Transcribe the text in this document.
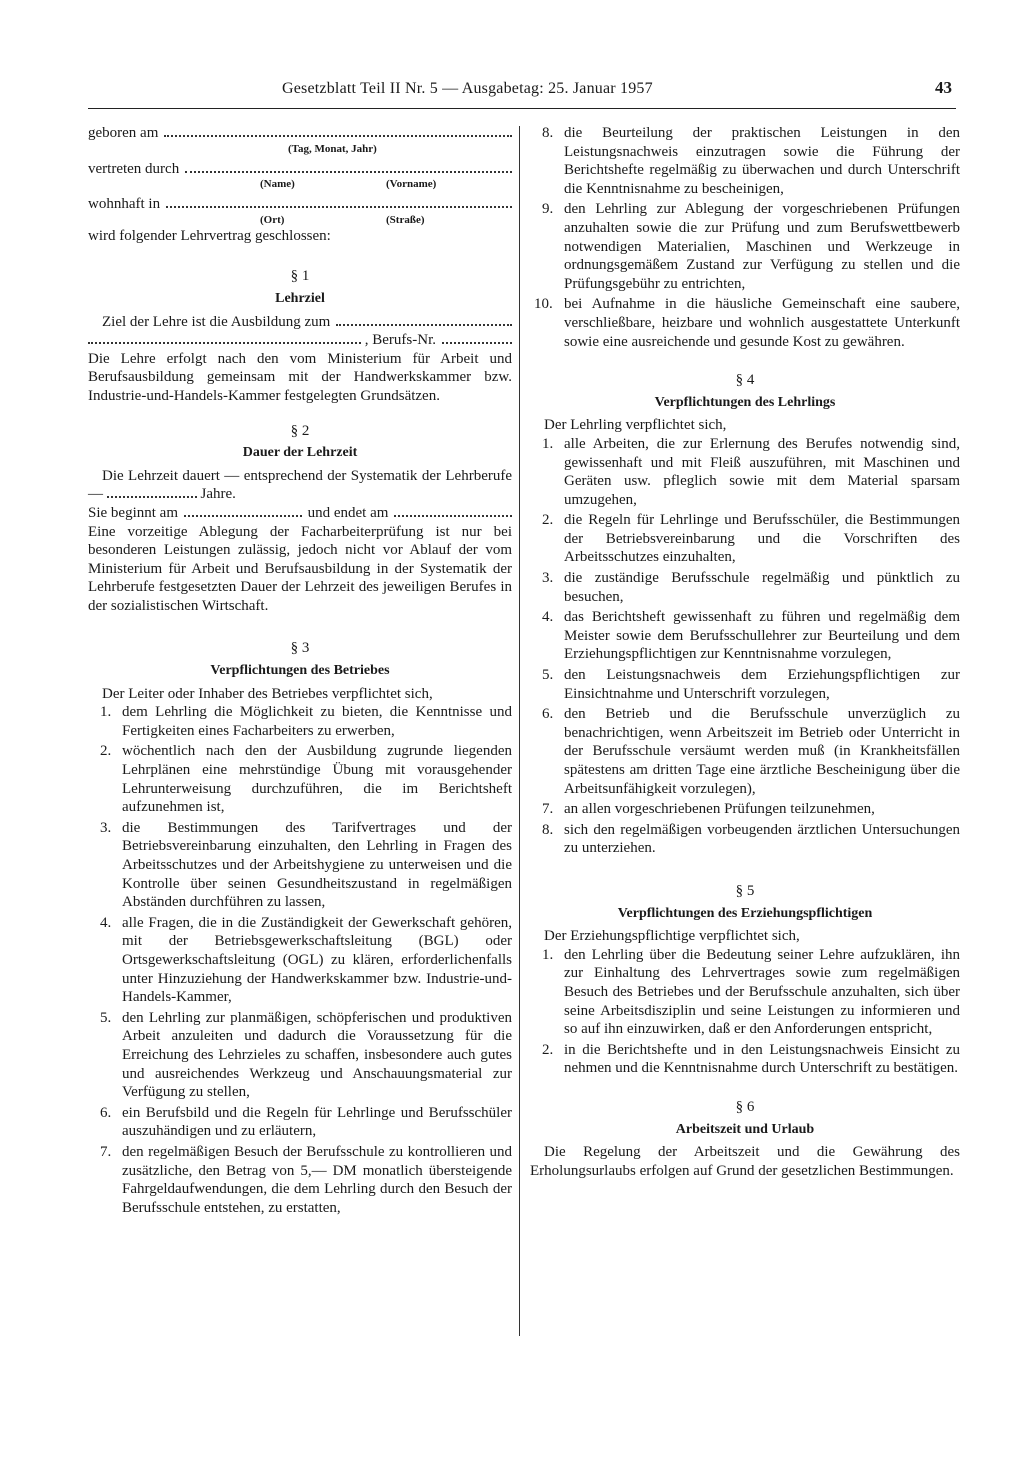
Gesetzblatt Teil II Nr. 5 — Ausgabetag: 25. Januar 1957	43
geboren am
(Tag, Monat, Jahr)
vertreten durch
(Name)	(Vorname)
wohnhaft in
(Ort)	(Straße)

wird folgender Lehrvertrag geschlossen:

§ 1
Lehrziel
Ziel der Lehre ist die Ausbildung zum
, Berufs-Nr.

Die Lehre erfolgt nach den vom Ministerium für Arbeit und Berufsausbildung gemeinsam mit der Handwerkskammer bzw. Industrie-und-Handels-Kammer festgelegten Grundsätzen.

§ 2
Dauer der Lehrzeit

Die Lehrzeit dauert — entsprechend der Systematik der Lehrberufe —	Jahre.

Sie beginnt am	und endet am

Eine vorzeitige Ablegung der Facharbeiterprüfung ist nur bei besonderen Leistungen zulässig, jedoch nicht vor Ablauf der vom Ministerium für Arbeit und Berufsausbildung in der Systematik der Lehrberufe festgesetzten Dauer der Lehrzeit des jeweiligen Berufes in der sozialistischen Wirtschaft.

§ 3
Verpflichtungen des Betriebes

Der Leiter oder Inhaber des Betriebes verpflichtet sich,

1. dem Lehrling die Möglichkeit zu bieten, die Kenntnisse und Fertigkeiten eines Facharbeiters zu erwerben,
2. wöchentlich nach den der Ausbildung zugrunde liegenden Lehrplänen eine mehrstündige Übung mit vorausgehender Lehrunterweisung durchzuführen, die im Berichtsheft aufzunehmen ist,
3. die Bestimmungen des Tarifvertrages und der Betriebsvereinbarung einzuhalten, den Lehrling in Fragen des Arbeitsschutzes und der Arbeitshygiene zu unterweisen und die Kontrolle über seinen Gesundheitszustand in regelmäßigen Abständen durchführen zu lassen,
4. alle Fragen, die in die Zuständigkeit der Gewerkschaft gehören, mit der Betriebsgewerkschaftsleitung (BGL) oder Ortsgewerkschaftsleitung (OGL) zu klären, erforderlichenfalls unter Hinzuziehung der Handwerkskammer bzw. Industrie-und-Handels-Kammer,
5. den Lehrling zur planmäßigen, schöpferischen und produktiven Arbeit anzuleiten und dadurch die Voraussetzung für die Erreichung des Lehrzieles zu schaffen, insbesondere auch gutes und ausreichendes Werkzeug und Anschauungsmaterial zur Verfügung zu stellen,
6. ein Berufsbild und die Regeln für Lehrlinge und Berufsschüler auszuhändigen und zu erläutern,
7. den regelmäßigen Besuch der Berufsschule zu kontrollieren und zusätzliche, den Betrag von 5,— DM monatlich übersteigende Fahrgeldaufwendungen, die dem Lehrling durch den Besuch der Berufsschule entstehen, zu erstatten,
8. die Beurteilung der praktischen Leistungen in den Leistungsnachweis einzutragen sowie die Führung der Berichtshefte regelmäßig zu überwachen und durch Unterschrift die Kenntnisnahme zu bescheinigen,
9. den Lehrling zur Ablegung der vorgeschriebenen Prüfungen anzuhalten sowie die zur Prüfung und zum Berufswettbewerb notwendigen Materialien, Maschinen und Werkzeuge in ordnungsgemäßem Zustand zur Verfügung zu stellen und die Prüfungsgebühr zu entrichten,
10. bei Aufnahme in die häusliche Gemeinschaft eine saubere, verschließbare, heizbare und wohnlich ausgestattete Unterkunft sowie eine ausreichende und gesunde Kost zu gewähren.
§ 4
Verpflichtungen des Lehrlings

Der Lehrling verpflichtet sich,

1. alle Arbeiten, die zur Erlernung des Berufes notwendig sind, gewissenhaft und mit Fleiß auszuführen, mit Maschinen und Geräten usw. pfleglich sowie mit dem Material sparsam umzugehen,
2. die Regeln für Lehrlinge und Berufsschüler, die Bestimmungen der Betriebsvereinbarung und die Vorschriften des Arbeitsschutzes einzuhalten,
3. die zuständige Berufsschule regelmäßig und pünktlich zu besuchen,
4. das Berichtsheft gewissenhaft zu führen und regelmäßig dem Meister sowie dem Berufsschullehrer zur Beurteilung und dem Erziehungspflichtigen zur Kenntnisnahme vorzulegen,
5. den Leistungsnachweis dem Erziehungspflichtigen zur Einsichtnahme und Unterschrift vorzulegen,
6. den Betrieb und die Berufsschule unverzüglich zu benachrichtigen, wenn Arbeitszeit im Betrieb oder Unterricht in der Berufsschule versäumt werden muß (in Krankheitsfällen spätestens am dritten Tage eine ärztliche Bescheinigung über die Arbeitsunfähigkeit vorzulegen),
7. an allen vorgeschriebenen Prüfungen teilzunehmen,
8. sich den regelmäßigen vorbeugenden ärztlichen Untersuchungen zu unterziehen.
§ 5
Verpflichtungen des Erziehungspflichtigen

Der Erziehungspflichtige verpflichtet sich,

1. den Lehrling über die Bedeutung seiner Lehre aufzuklären, ihn zur Einhaltung des Lehrvertrages sowie zum regelmäßigen Besuch des Betriebes und der Berufsschule anzuhalten, sich über seine Arbeitsdisziplin und seine Leistungen zu informieren und so auf ihn einzuwirken, daß er den Anforderungen entspricht,
2. in die Berichtshefte und in den Leistungsnachweis Einsicht zu nehmen und die Kenntnisnahme durch Unterschrift zu bestätigen.
§ 6
Arbeitszeit und Urlaub

Die Regelung der Arbeitszeit und die Gewährung des Erholungsurlaubs erfolgen auf Grund der gesetzlichen Bestimmungen.
